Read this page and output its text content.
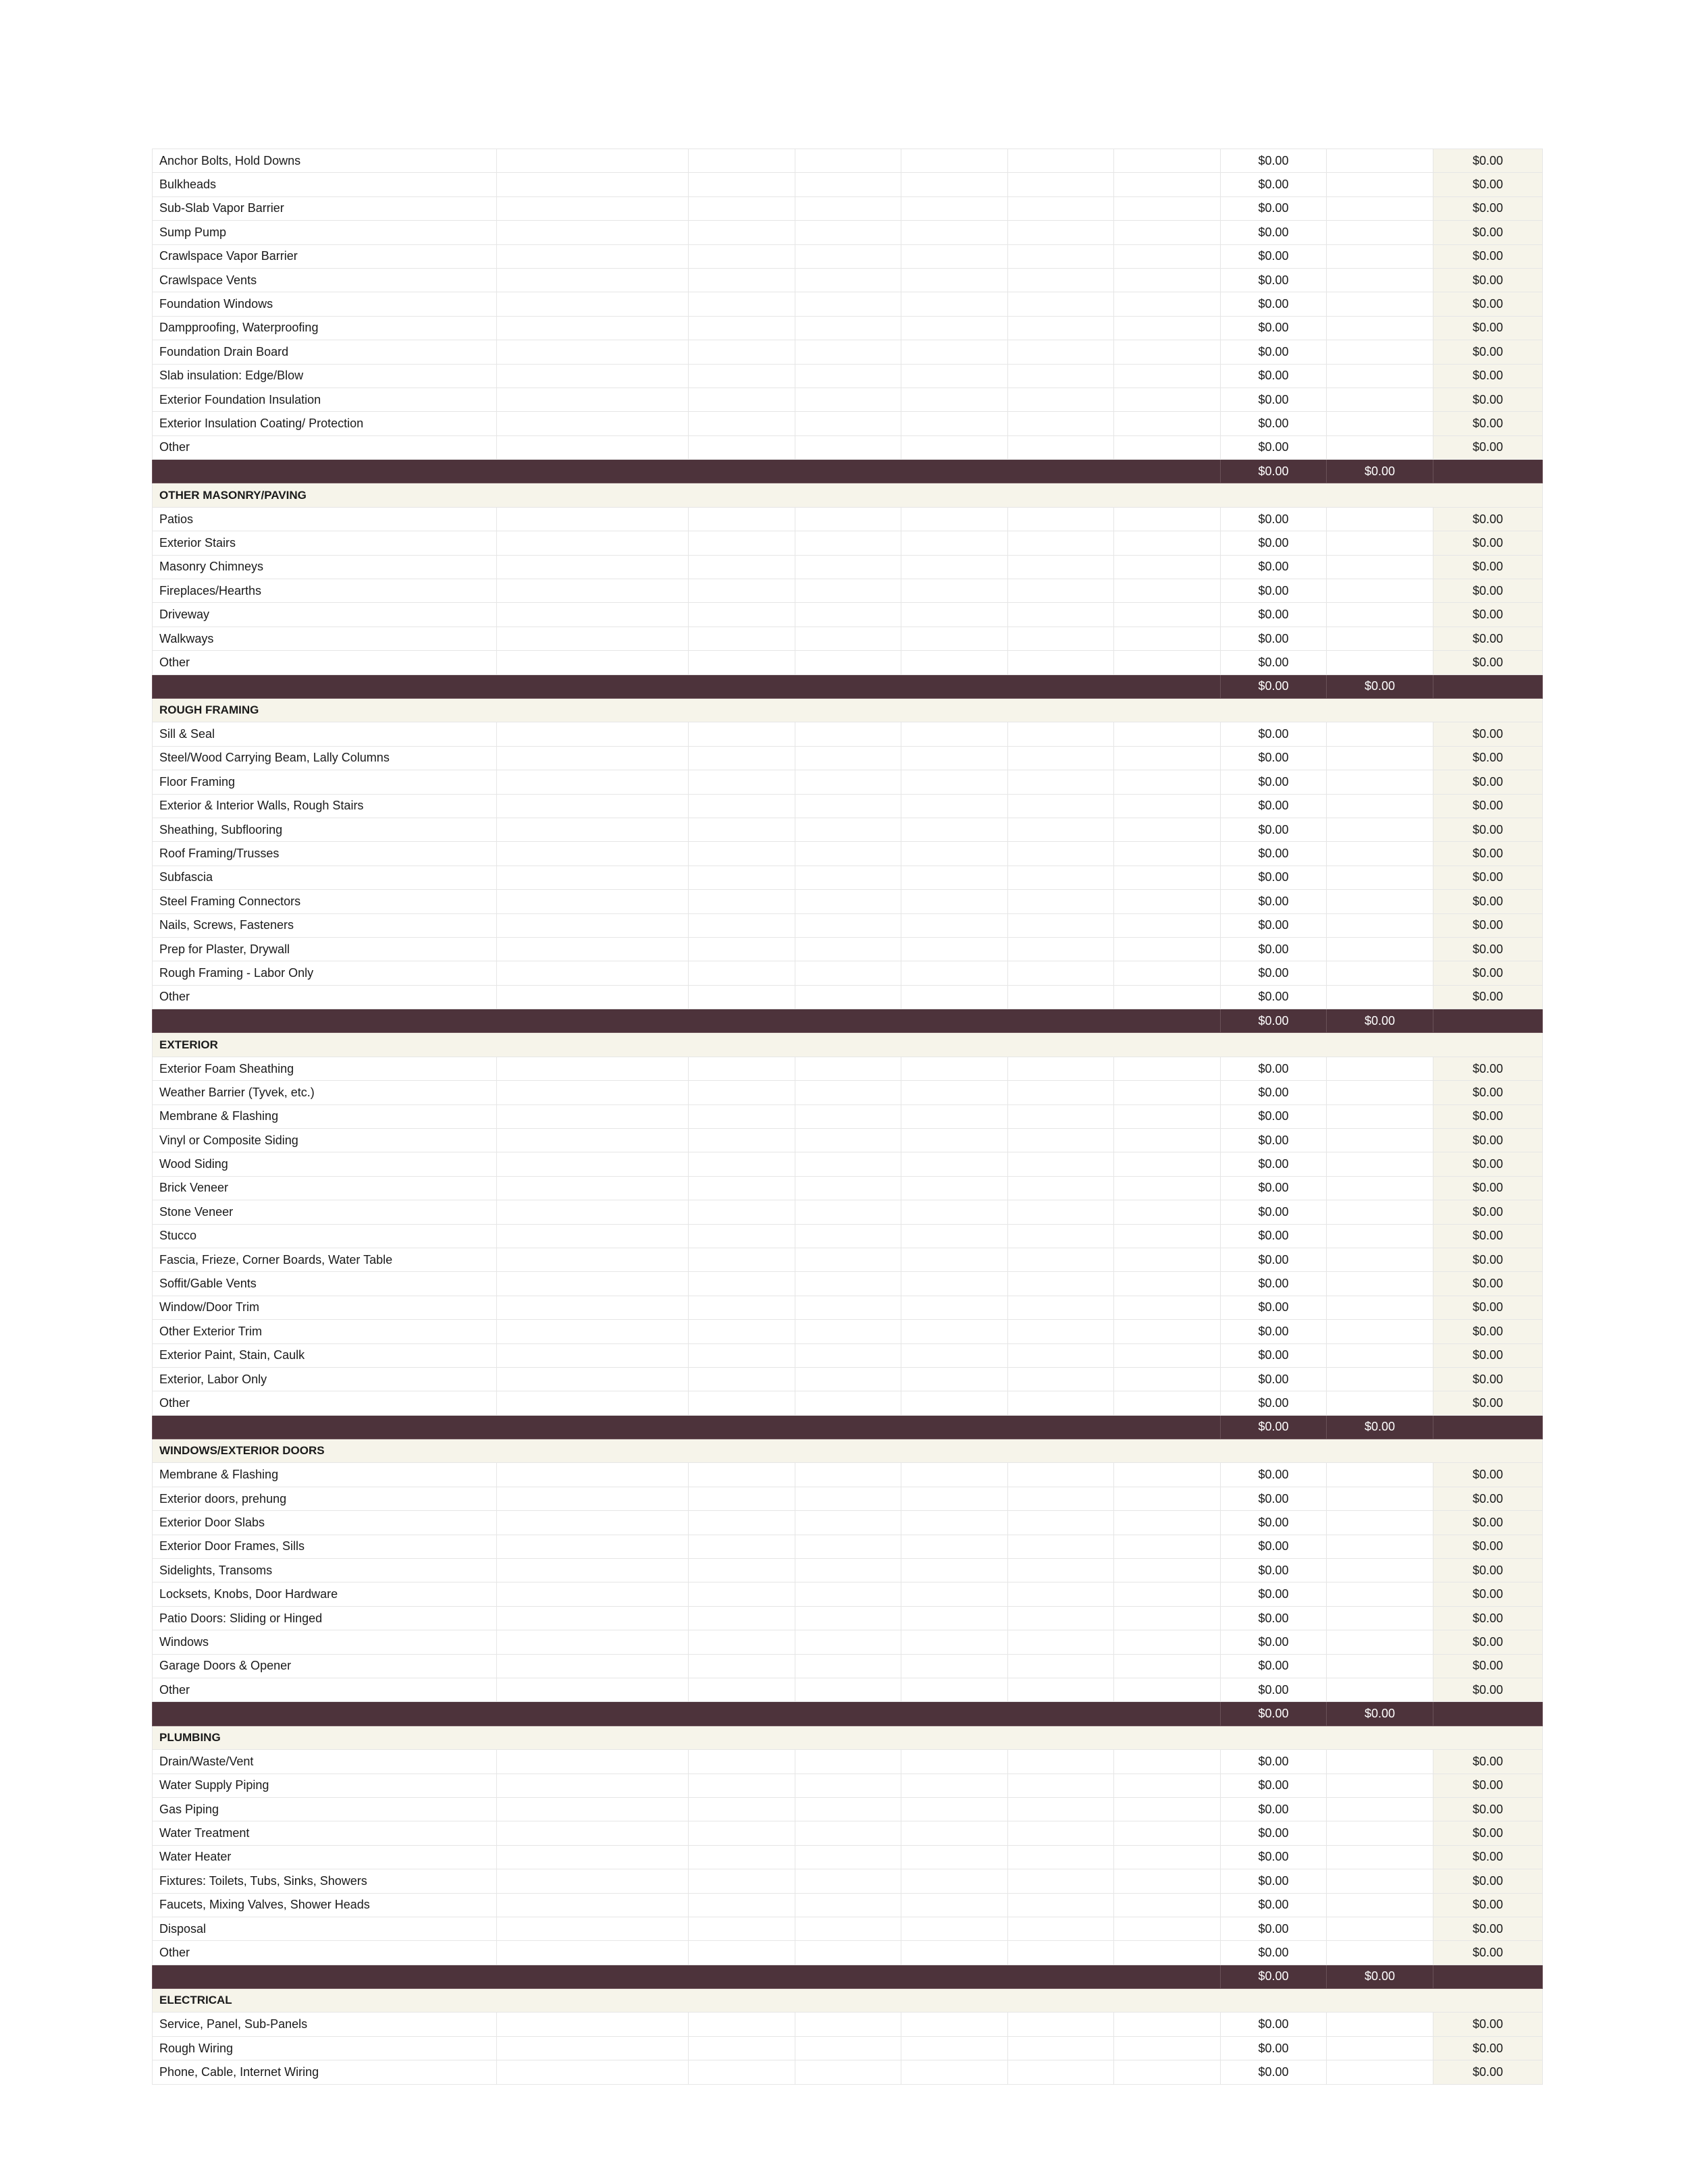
Anchor Bolts, Hold Downs							$0.00		$0.00
Bulkheads							$0.00		$0.00
Sub-Slab Vapor Barrier							$0.00		$0.00
Sump Pump							$0.00		$0.00
Crawlspace Vapor Barrier							$0.00		$0.00
Crawlspace Vents							$0.00		$0.00
Foundation Windows							$0.00		$0.00
Dampproofing, Waterproofing							$0.00		$0.00
Foundation Drain Board							$0.00		$0.00
Slab insulation: Edge/Blow							$0.00		$0.00
Exterior Foundation Insulation							$0.00		$0.00
Exterior Insulation Coating/ Protection							$0.00		$0.00
Other							$0.00		$0.00
							$0.00	$0.00	
OTHER MASONRY/PAVING									
Patios							$0.00		$0.00
Exterior Stairs							$0.00		$0.00
Masonry Chimneys							$0.00		$0.00
Fireplaces/Hearths							$0.00		$0.00
Driveway							$0.00		$0.00
Walkways							$0.00		$0.00
Other							$0.00		$0.00
							$0.00	$0.00	
ROUGH FRAMING									
Sill & Seal							$0.00		$0.00
Steel/Wood Carrying Beam, Lally Columns							$0.00		$0.00
Floor Framing							$0.00		$0.00
Exterior & Interior Walls, Rough Stairs							$0.00		$0.00
Sheathing, Subflooring							$0.00		$0.00
Roof Framing/Trusses							$0.00		$0.00
Subfascia							$0.00		$0.00
Steel Framing Connectors							$0.00		$0.00
Nails, Screws, Fasteners							$0.00		$0.00
Prep for Plaster, Drywall							$0.00		$0.00
Rough Framing - Labor Only							$0.00		$0.00
Other							$0.00		$0.00
							$0.00	$0.00	
EXTERIOR									
Exterior Foam Sheathing							$0.00		$0.00
Weather Barrier (Tyvek, etc.)							$0.00		$0.00
Membrane & Flashing							$0.00		$0.00
Vinyl or Composite Siding							$0.00		$0.00
Wood Siding							$0.00		$0.00
Brick Veneer							$0.00		$0.00
Stone Veneer							$0.00		$0.00
Stucco							$0.00		$0.00
Fascia, Frieze, Corner Boards, Water Table							$0.00		$0.00
Soffit/Gable Vents							$0.00		$0.00
Window/Door Trim							$0.00		$0.00
Other Exterior Trim							$0.00		$0.00
Exterior Paint, Stain, Caulk							$0.00		$0.00
Exterior, Labor Only							$0.00		$0.00
Other							$0.00		$0.00
							$0.00	$0.00	
WINDOWS/EXTERIOR DOORS									
Membrane & Flashing							$0.00		$0.00
Exterior doors, prehung							$0.00		$0.00
Exterior Door Slabs							$0.00		$0.00
Exterior Door Frames, Sills							$0.00		$0.00
Sidelights, Transoms							$0.00		$0.00
Locksets, Knobs, Door Hardware							$0.00		$0.00
Patio Doors: Sliding or Hinged							$0.00		$0.00
Windows							$0.00		$0.00
Garage Doors & Opener							$0.00		$0.00
Other							$0.00		$0.00
							$0.00	$0.00	
PLUMBING									
Drain/Waste/Vent							$0.00		$0.00
Water Supply Piping							$0.00		$0.00
Gas Piping							$0.00		$0.00
Water Treatment							$0.00		$0.00
Water Heater							$0.00		$0.00
Fixtures: Toilets, Tubs, Sinks, Showers							$0.00		$0.00
Faucets, Mixing Valves, Shower Heads							$0.00		$0.00
Disposal							$0.00		$0.00
Other							$0.00		$0.00
							$0.00	$0.00	
ELECTRICAL									
Service, Panel, Sub-Panels							$0.00		$0.00
Rough Wiring							$0.00		$0.00
Phone, Cable, Internet Wiring							$0.00		$0.00
